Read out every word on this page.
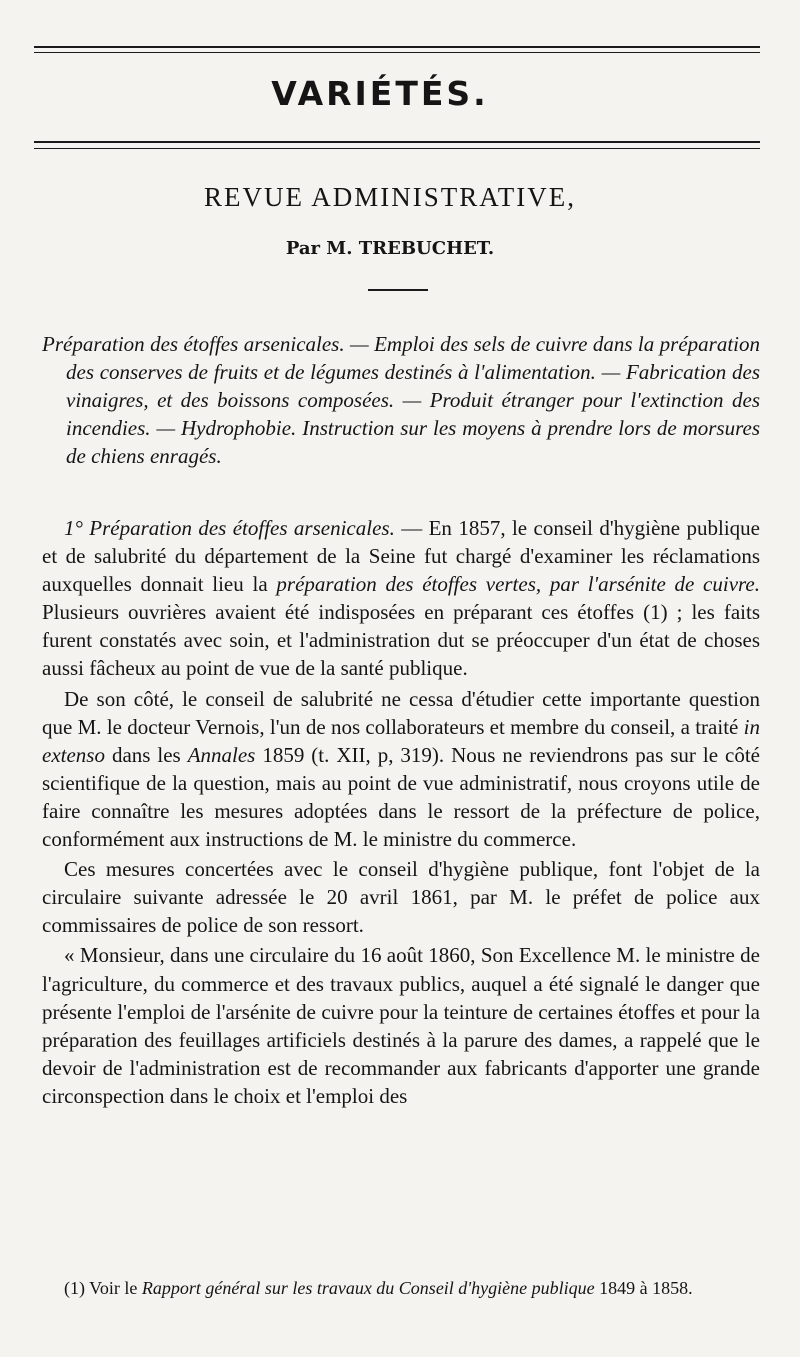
VARIÉTÉS.
REVUE ADMINISTRATIVE,
Par M. TREBUCHET.

Préparation des étoffes arsenicales. — Emploi des sels de cuivre dans la préparation des conserves de fruits et de légumes destinés à l'alimentation. — Fabrication des vinaigres, et des boissons composées. — Produit étranger pour l'extinction des incendies. — Hydrophobie. Instruction sur les moyens à prendre lors de morsures de chiens enragés.

1° Préparation des étoffes arsenicales. — En 1857, le conseil d'hygiène publique et de salubrité du département de la Seine fut chargé d'examiner les réclamations auxquelles donnait lieu la préparation des étoffes vertes, par l'arsénite de cuivre. Plusieurs ouvrières avaient été indisposées en préparant ces étoffes (1) ; les faits furent constatés avec soin, et l'administration dut se préoccuper d'un état de choses aussi fâcheux au point de vue de la santé publique.

De son côté, le conseil de salubrité ne cessa d'étudier cette importante question que M. le docteur Vernois, l'un de nos collaborateurs et membre du conseil, a traité in extenso dans les Annales 1859 (t. XII, p, 319). Nous ne reviendrons pas sur le côté scientifique de la question, mais au point de vue administratif, nous croyons utile de faire connaître les mesures adoptées dans le ressort de la préfecture de police, conformément aux instructions de M. le ministre du commerce.

Ces mesures concertées avec le conseil d'hygiène publique, font l'objet de la circulaire suivante adressée le 20 avril 1861, par M. le préfet de police aux commissaires de police de son ressort.

« Monsieur, dans une circulaire du 16 août 1860, Son Excellence M. le ministre de l'agriculture, du commerce et des travaux publics, auquel a été signalé le danger que présente l'emploi de l'arsénite de cuivre pour la teinture de certaines étoffes et pour la préparation des feuillages artificiels destinés à la parure des dames, a rappelé que le devoir de l'administration est de recommander aux fabricants d'apporter une grande circonspection dans le choix et l'emploi des

(1) Voir le Rapport général sur les travaux du Conseil d'hygiène publique 1849 à 1858.
